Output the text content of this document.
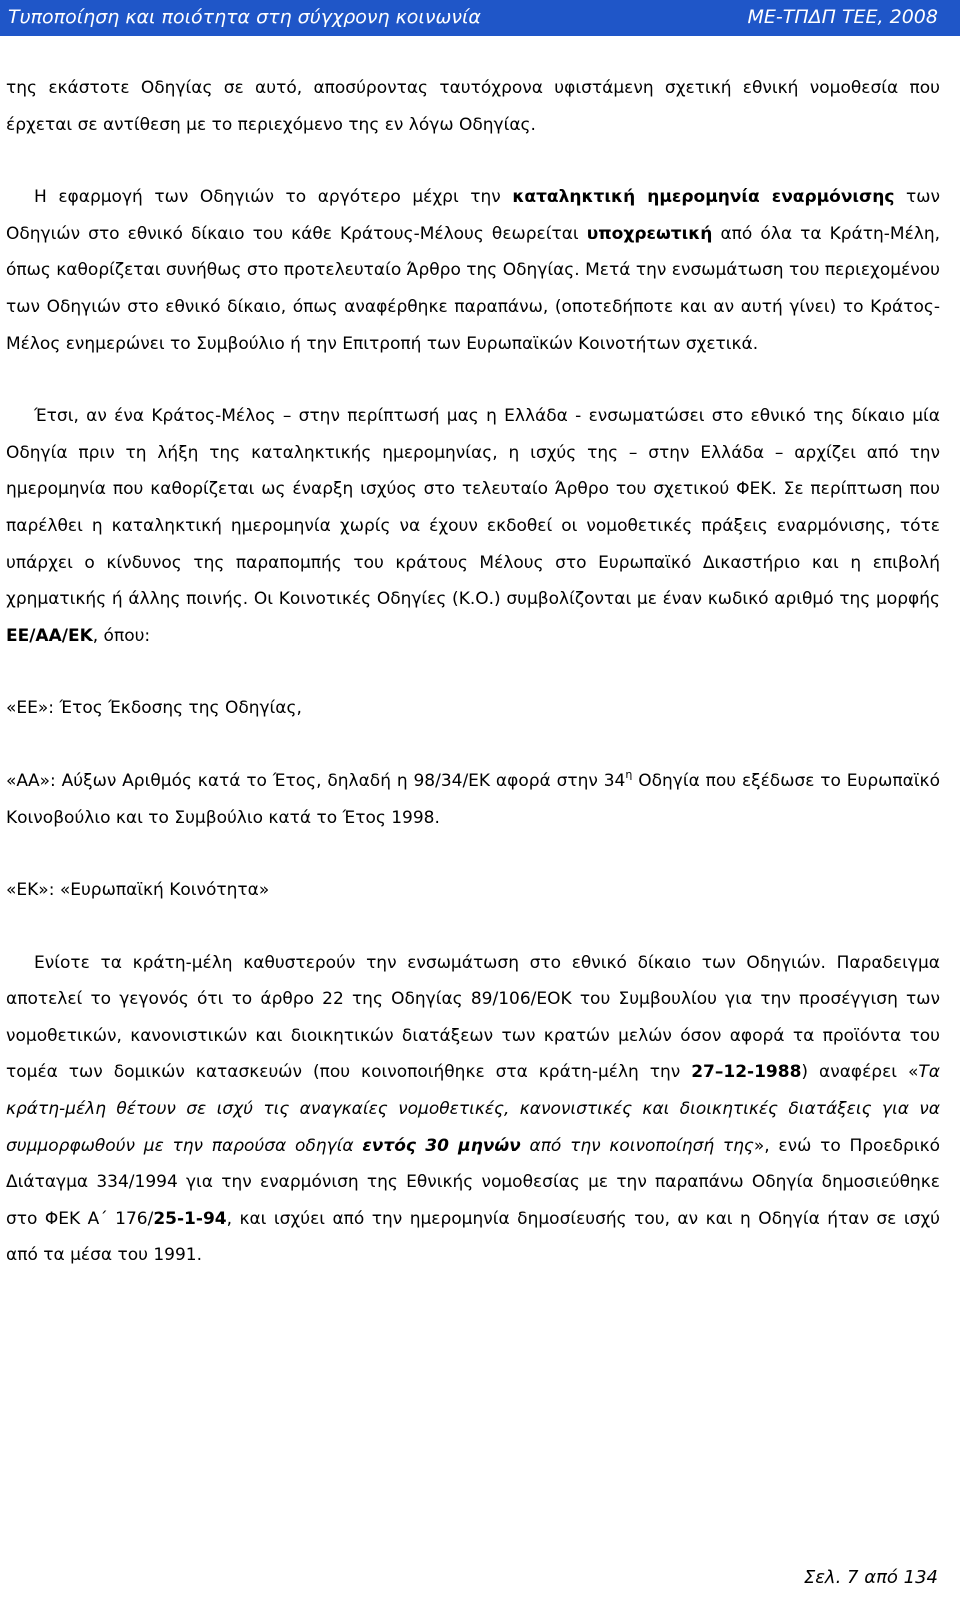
Τυποποίηση και ποιότητα στη σύγχρονη κοινωνία	ΜΕ-ΤΠΔΠ ΤΕΕ, 2008

της εκάστοτε Οδηγίας σε αυτό, αποσύροντας ταυτόχρονα υφιστάμενη σχετική εθνική νομοθεσία που έρχεται σε αντίθεση με το περιεχόμενο της εν λόγω Οδηγίας.

Η εφαρμογή των Οδηγιών το αργότερο μέχρι την καταληκτική ημερομηνία εναρμόνισης των Οδηγιών στο εθνικό δίκαιο του κάθε Κράτους-Μέλους θεωρείται υποχρεωτική από όλα τα Κράτη-Μέλη, όπως καθορίζεται συνήθως στο προτελευταίο Άρθρο της Οδηγίας. Μετά την ενσωμάτωση του περιεχομένου των Οδηγιών στο εθνικό δίκαιο, όπως αναφέρθηκε παραπάνω, (οποτεδήποτε και αν αυτή γίνει) το Κράτος-Μέλος ενημερώνει το Συμβούλιο ή την Επιτροπή των Ευρωπαϊκών Κοινοτήτων σχετικά.

Έτσι, αν ένα Κράτος-Μέλος – στην περίπτωσή μας η Ελλάδα - ενσωματώσει στο εθνικό της δίκαιο μία Οδηγία πριν τη λήξη της καταληκτικής ημερομηνίας, η ισχύς της – στην Ελλάδα – αρχίζει από την ημερομηνία που καθορίζεται ως έναρξη ισχύος στο τελευταίο Άρθρο του σχετικού ΦΕΚ. Σε περίπτωση που παρέλθει η καταληκτική ημερομηνία χωρίς να έχουν εκδοθεί οι νομοθετικές πράξεις εναρμόνισης, τότε υπάρχει ο κίνδυνος της παραπομπής του κράτους Μέλους στο Ευρωπαϊκό Δικαστήριο και η επιβολή χρηματικής ή άλλης ποινής. Οι Κοινοτικές Οδηγίες (Κ.Ο.) συμβολίζονται με έναν κωδικό αριθμό της μορφής ΕΕ/ΑΑ/ΕΚ, όπου:

«ΕΕ»: Έτος Έκδοσης της Οδηγίας,

«ΑΑ»: Αύξων Αριθμός κατά το Έτος, δηλαδή η 98/34/ΕΚ αφορά στην $34^\eta$ Οδηγία που εξέδωσε το Ευρωπαϊκό Κοινοβούλιο και το Συμβούλιο κατά το Έτος 1998.

«ΕΚ»: «Ευρωπαϊκή Κοινότητα»

Ενίοτε τα κράτη-μέλη καθυστερούν την ενσωμάτωση στο εθνικό δίκαιο των Οδηγιών. Παραδειγμα αποτελεί το γεγονός ότι το άρθρο 22 της Οδηγίας 89/106/ΕΟΚ του Συμβουλίου για την προσέγγιση των νομοθετικών, κανονιστικών και διοικητικών διατάξεων των κρατών μελών όσον αφορά τα προϊόντα του τομέα των δομικών κατασκευών (που κοινοποιήθηκε στα κράτη-μέλη την 27–12-1988) αναφέρει «Τα κράτη-μέλη θέτουν σε ισχύ τις αναγκαίες νομοθετικές, κανονιστικές και διοικητικές διατάξεις για να συμμορφωθούν με την παρούσα οδηγία εντός 30 μηνών από την κοινοποίησή της», ενώ το Προεδρικό Διάταγμα 334/1994 για την εναρμόνιση της Εθνικής νομοθεσίας με την παραπάνω Οδηγία δημοσιεύθηκε στο ΦΕΚ Α΄ 176/25-1-94, και ισχύει από την ημερομηνία δημοσίευσής του, αν και η Οδηγία ήταν σε ισχύ από τα μέσα του 1991.

Σελ. 7 από 134
